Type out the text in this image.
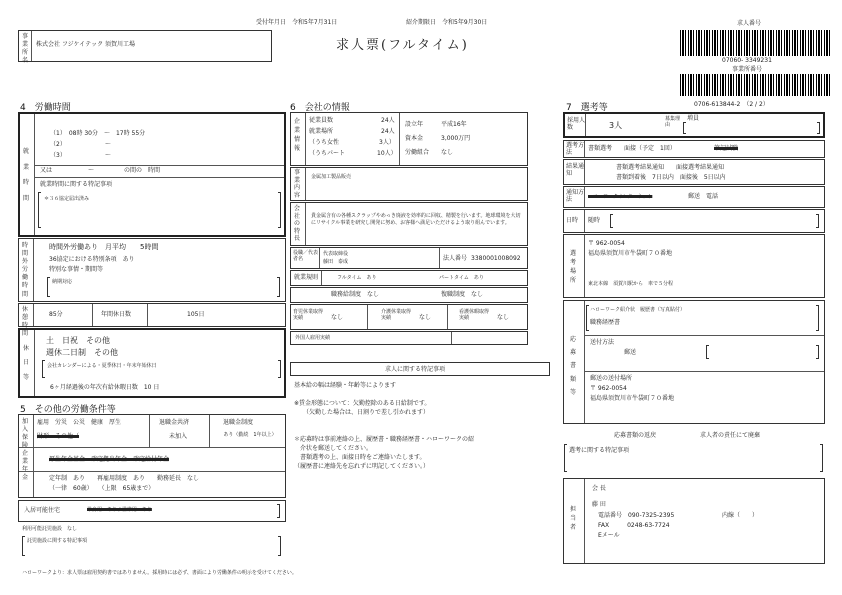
受付年月日　令和5年7月31日	紹介期限日　令和5年9月30日
求人票(フルタイム)
事業所名
株式会社 フジケイテック 須賀川工場
求人番号
07060- 3349231
事業所番号
0706-613844-2　（2 / 2）
4　労働時間
就業時間
（1）　08時 30分　～　17時 55分
（2）　　　　　　　～
（3）　　　　　　　～
又は　　　　　　～　　　　　の間の　時間
就業時間に関する特記事項
＊３６協定届出済み
時間外労働時間
時間外労働あり　月平均　　5時間
36協定における特別条項　あり
特別な事情・期間等
納期対応
休憩時間
85分	年間休日数	105日
休日等
土　日祝　その他
週休二日制　その他
会社カレンダーによる・夏季休日・年末年始休日
6ヶ月経過後の年次有給休暇日数　10 日
5　その他の労働条件等
加入保険
雇用　労災　公災　健康　厚生
財形　その他（
退職金共済
未加入
退職金制度
あり（勤続　1年以上）
企業年金
厚生年金基金　確定拠出年金　確定給付年金
定年制　あり　　再雇用制度　あり　　勤務延長　なし
（一律　60歳）　　（上限　65歳まで）
入居可能住宅	単身用　あり / 世帯用　あり
利用可能託児施設　なし
託児施設に関する特記事項
6　会社の情報
企業情報
従業員数	24人
就業場所	24人
（うち女性	3人）
（うちパート	10人）
設立年	平成16年
資本金	3,000万円
労働組合 なし
事業内容
金属加工製品販売
会社の特長
貴金属含有の各種スクラップやめっき廃液を効率的に回収、精製を行います。地球環境を大切にリサイクル事業を研究し開発に努め、お客様へ満足いただけるよう取り組んでいます。
役職／代表者名
代表取締役
藤田　泰成	法人番号 3380001008092
就業規則	フルタイム　あり	パートタイム　あり
職務給制度　なし	復職制度　なし
育児休業取得実績	なし
介護休業取得実績	なし
看護休暇取得実績	なし
外国人雇用実績
求人に関する特記事項
基本給の幅は経験・年齢等によります
※賃金形態について：欠勤控除のある日給制です。
　　（欠勤した場合は、日割りで差し引かれます）
＊応募時は事前連絡の上、履歴書・職務経歴書・ハローワークの紹
　介状を郵送してください。
　書類選考の上、面接日時をご連絡いたします。
（履歴書に連絡先を忘れずに明記してください。）
7　選考等
採用人数	3人
募集理由
増員
選考方法
書類選考　　面接（予定　1回）	筆記試験
結果通知
書類選考結果通知　　面接選考結果通知
書類到着後　7日以内　面接後　5日以内
通知方法	ハローワークインターネット	郵送　電話
日時 随時
選考場所
〒 962-0054
福島県須賀川市牛袋町７０番地
東北本線　須賀川駅から　車で５分程
応募書類等
ハローワーク紹介状　履歴書（写真貼付）
職務経歴書
送付方法
郵送
郵送の送付場所
〒 962-0054
福島県須賀川市牛袋町７０番地
応募書類の返戻	求人者の責任にて廃棄
選考に関する特記事項
担当者
会 長
藤 田
電話番号　090-7325-2395	内線（　　）
FAX　　　0248-63-7724
Eメール
ハローワークより：求人票は雇用契約書ではありません。採用時には必ず、書面により労働条件の明示を受けてください。
